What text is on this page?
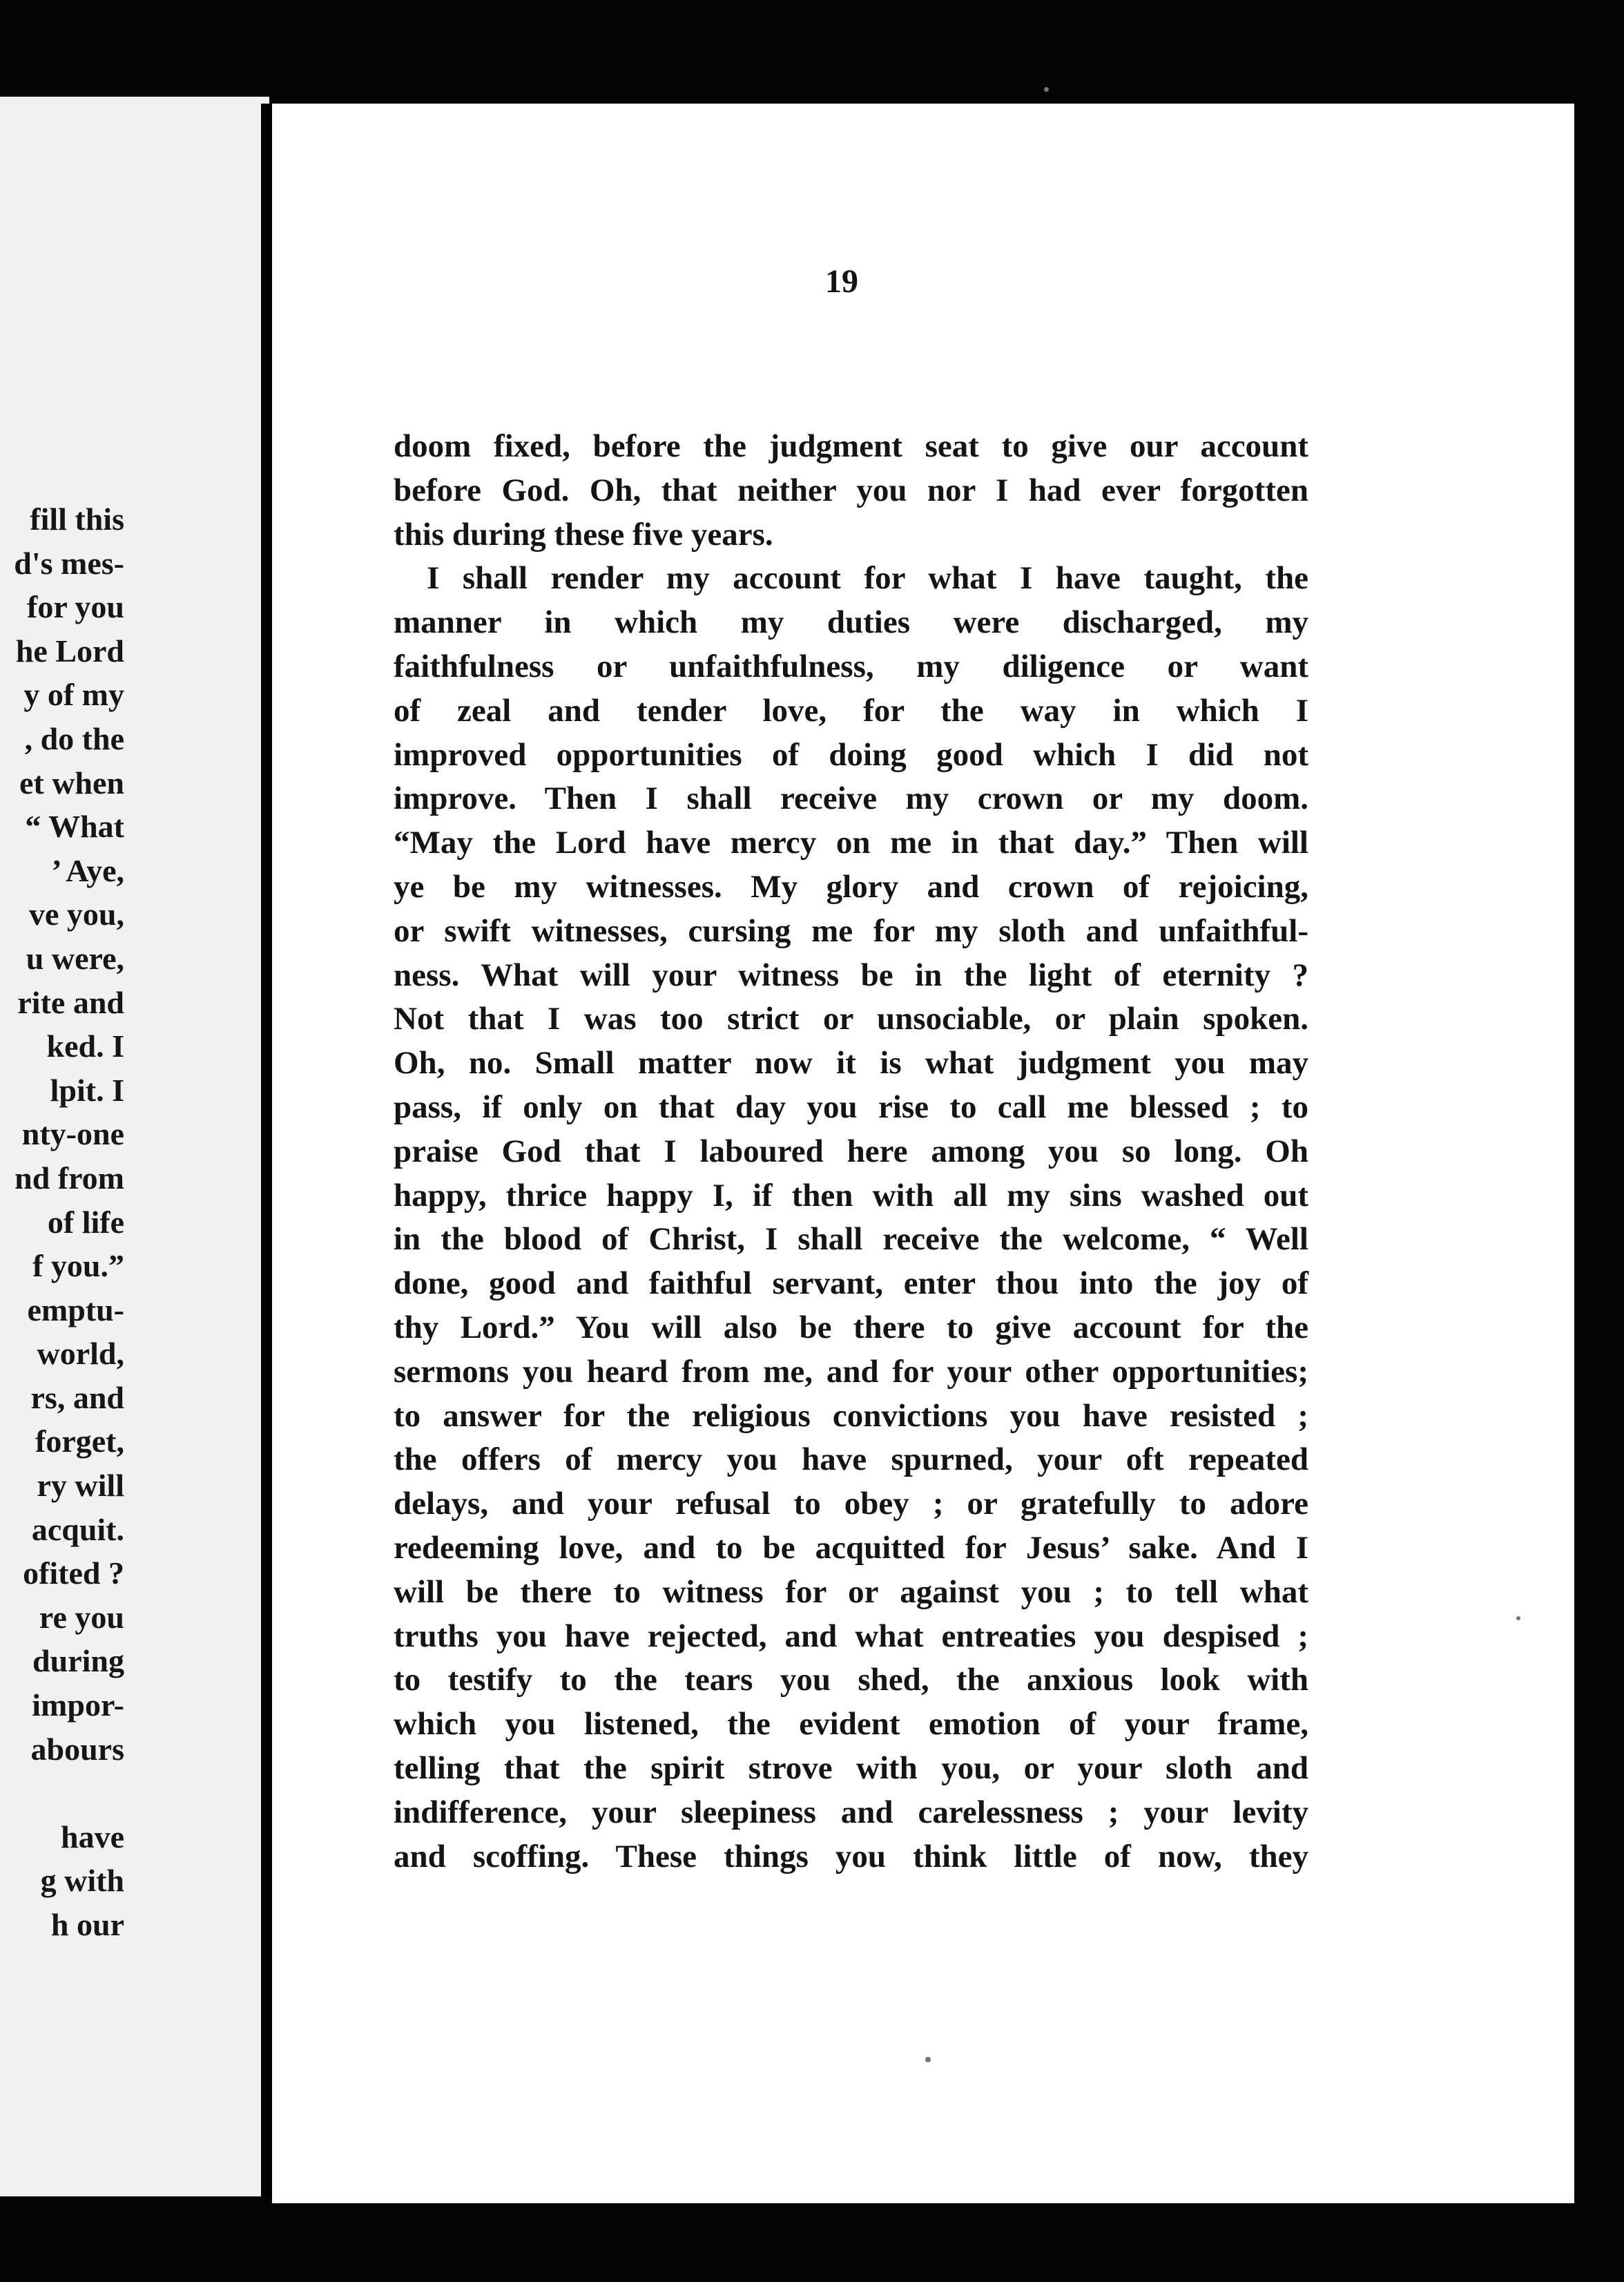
fill this
d's mes-
for you
he Lord
y of my
, do the
et when
“ What
’ Aye,
ve you,
u were,
rite and
ked. I
lpit. I
nty-one
nd from
of life
f you.”
emptu-
world,
rs, and
forget,
ry will
acquit.
ofited ?
re you
during
impor-
abours

have
g with
h our
19
doom fixed, before the judgment seat to give our account
before God. Oh, that neither you nor I had ever forgotten
this during these five years.
I shall render my account for what I have taught, the
manner in which my duties were discharged, my
faithfulness or unfaithfulness, my diligence or want
of zeal and tender love, for the way in which I
improved opportunities of doing good which I did not
improve. Then I shall receive my crown or my doom.
“May the Lord have mercy on me in that day.” Then will
ye be my witnesses. My glory and crown of rejoicing,
or swift witnesses, cursing me for my sloth and unfaithful-
ness. What will your witness be in the light of eternity ?
Not that I was too strict or unsociable, or plain spoken.
Oh, no. Small matter now it is what judgment you may
pass, if only on that day you rise to call me blessed ; to
praise God that I laboured here among you so long. Oh
happy, thrice happy I, if then with all my sins washed out
in the blood of Christ, I shall receive the welcome, “ Well
done, good and faithful servant, enter thou into the joy of
thy Lord.” You will also be there to give account for the
sermons you heard from me, and for your other opportunities;
to answer for the religious convictions you have resisted ;
the offers of mercy you have spurned, your oft repeated
delays, and your refusal to obey ; or gratefully to adore
redeeming love, and to be acquitted for Jesus’ sake. And I
will be there to witness for or against you ; to tell what
truths you have rejected, and what entreaties you despised ;
to testify to the tears you shed, the anxious look with
which you listened, the evident emotion of your frame,
telling that the spirit strove with you, or your sloth and
indifference, your sleepiness and carelessness ; your levity
and scoffing. These things you think little of now, they
